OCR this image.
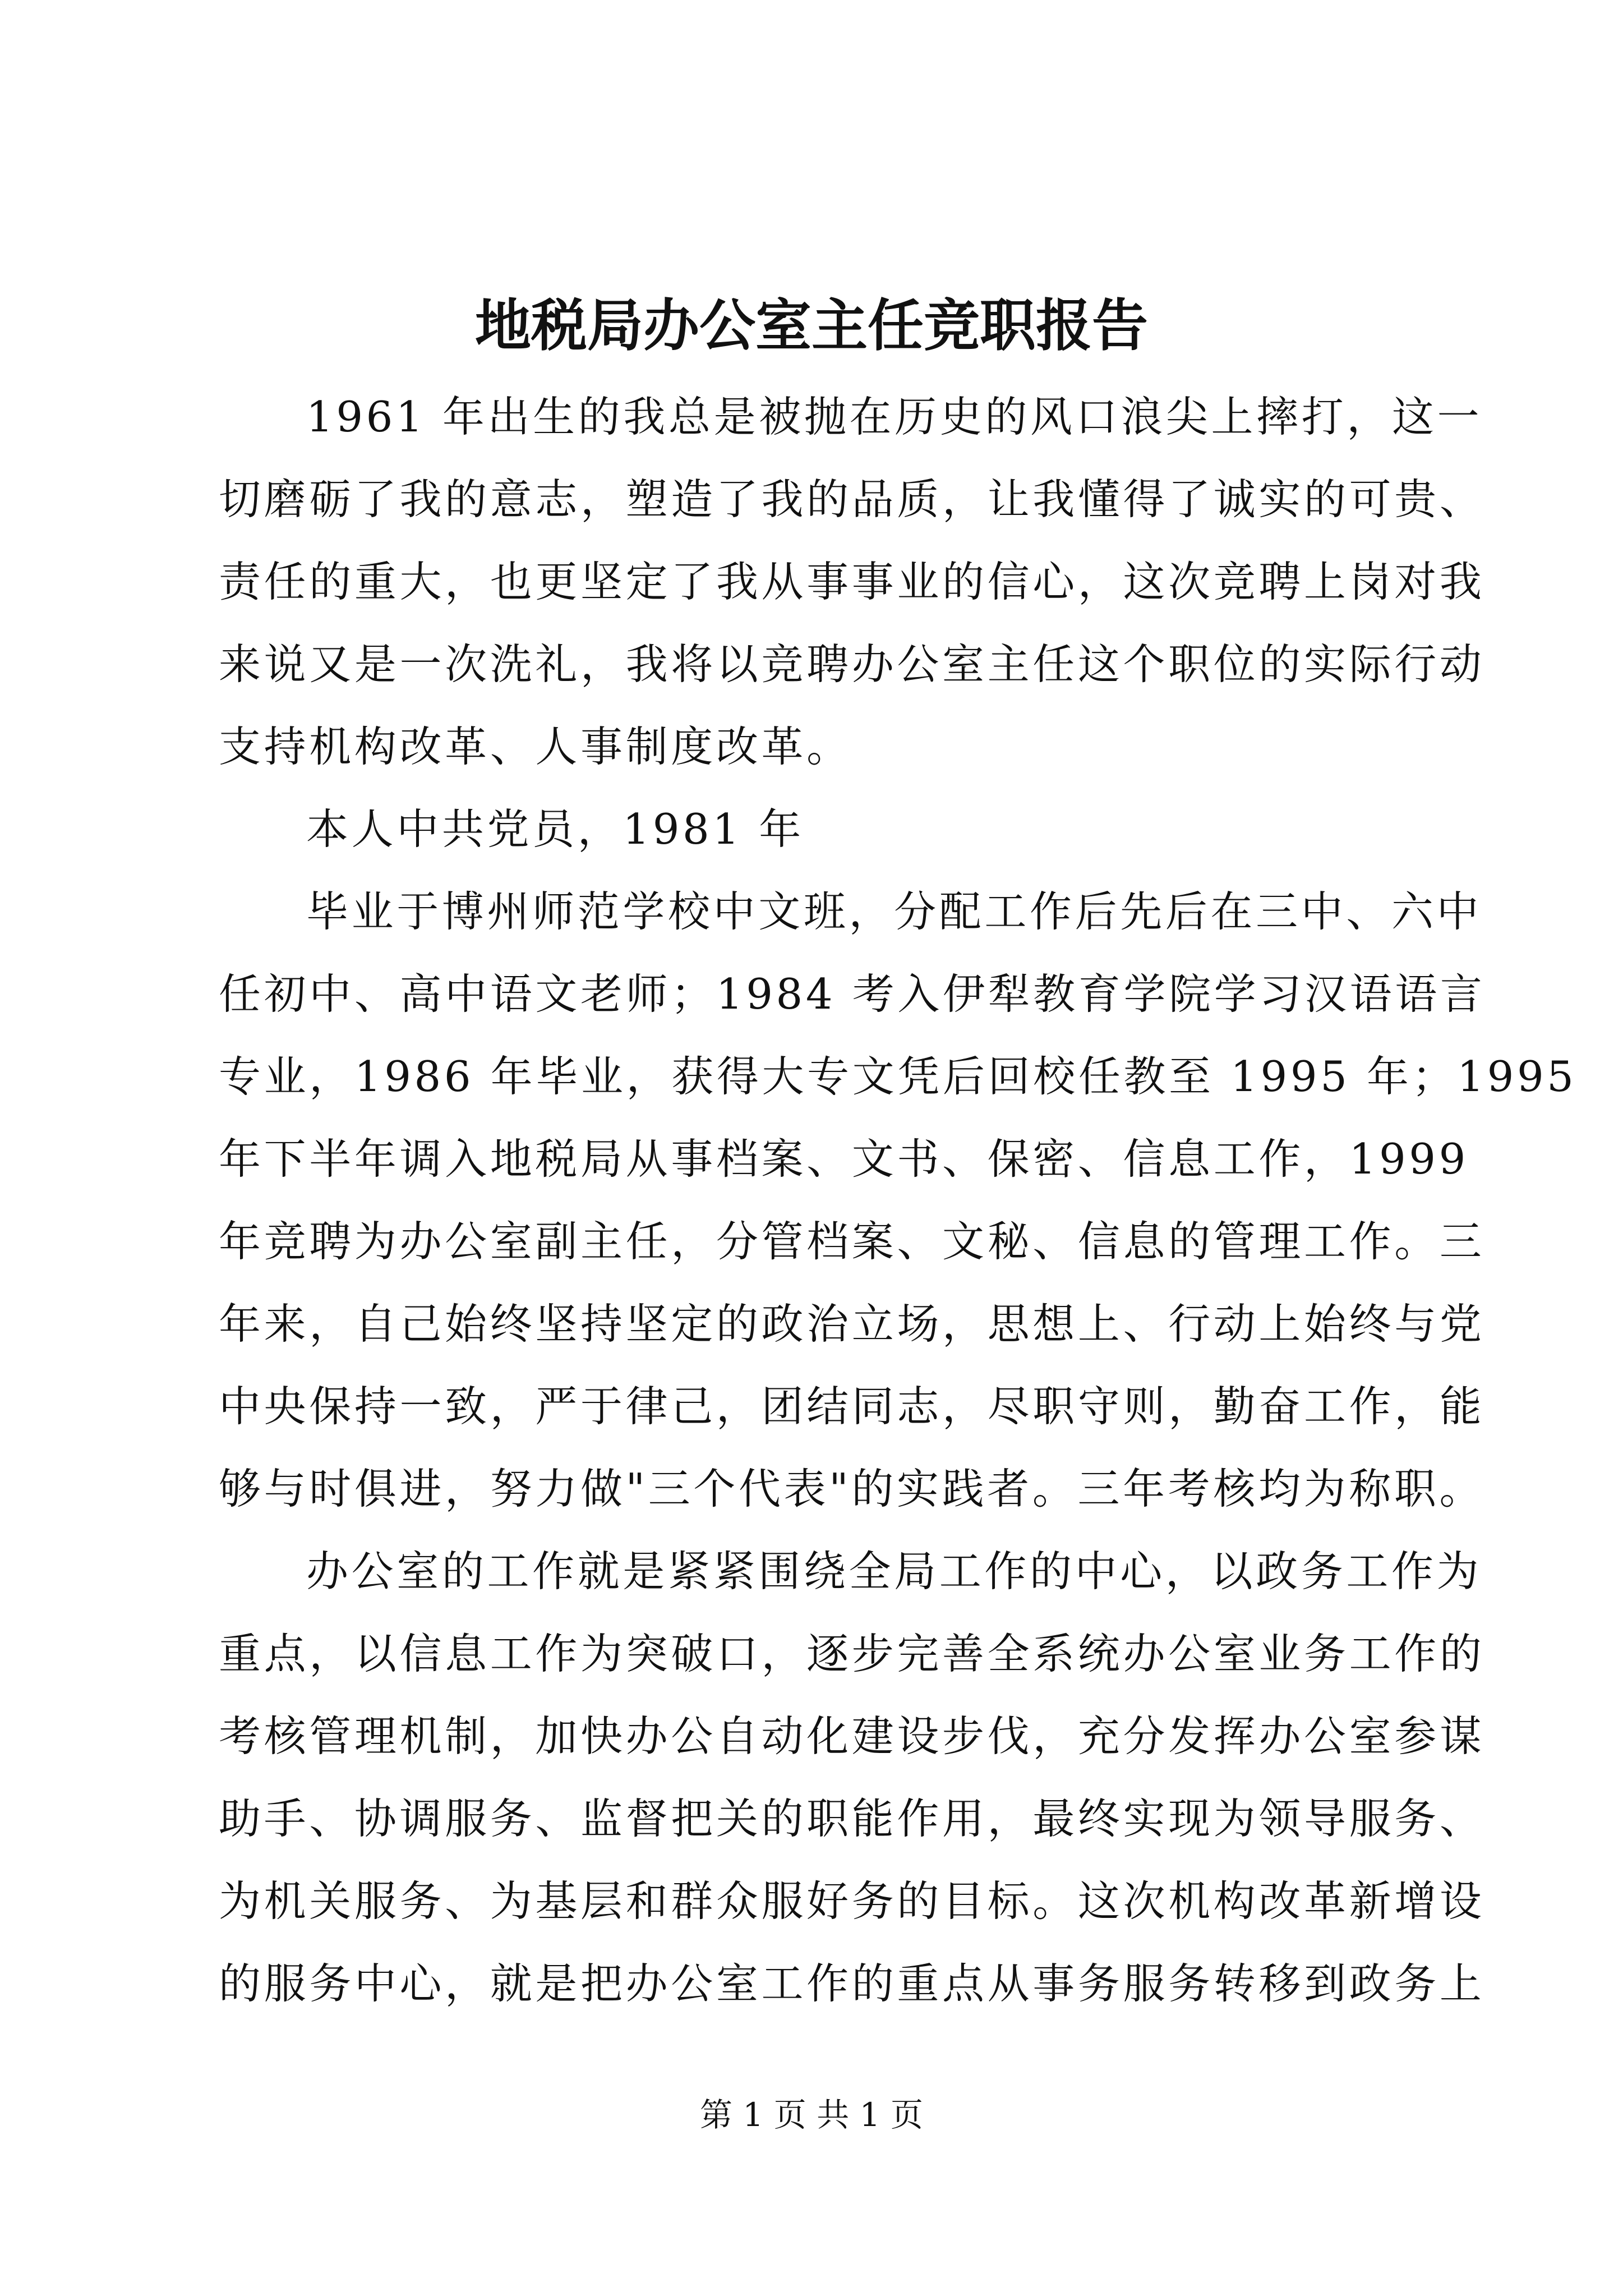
地税局办公室主任竞职报告

1961 年出生的我总是被抛在历史的风口浪尖上摔打，这一

切磨砺了我的意志，塑造了我的品质，让我懂得了诚实的可贵、

责任的重大，也更坚定了我从事事业的信心，这次竞聘上岗对我

来说又是一次洗礼，我将以竞聘办公室主任这个职位的实际行动

支持机构改革、人事制度改革。

本人中共党员，1981 年

毕业于博州师范学校中文班，分配工作后先后在三中、六中

任初中、高中语文老师；1984 考入伊犁教育学院学习汉语语言

专业，1986 年毕业，获得大专文凭后回校任教至 1995 年；1995

年下半年调入地税局从事档案、文书、保密、信息工作，1999

年竞聘为办公室副主任，分管档案、文秘、信息的管理工作。三

年来，自己始终坚持坚定的政治立场，思想上、行动上始终与党

中央保持一致，严于律己，团结同志，尽职守则，勤奋工作，能

够与时俱进，努力做"三个代表"的实践者。三年考核均为称职。

办公室的工作就是紧紧围绕全局工作的中心，以政务工作为

重点，以信息工作为突破口，逐步完善全系统办公室业务工作的

考核管理机制，加快办公自动化建设步伐，充分发挥办公室参谋

助手、协调服务、监督把关的职能作用，最终实现为领导服务、

为机关服务、为基层和群众服好务的目标。这次机构改革新增设

的服务中心，就是把办公室工作的重点从事务服务转移到政务上

第 1 页 共 1 页
